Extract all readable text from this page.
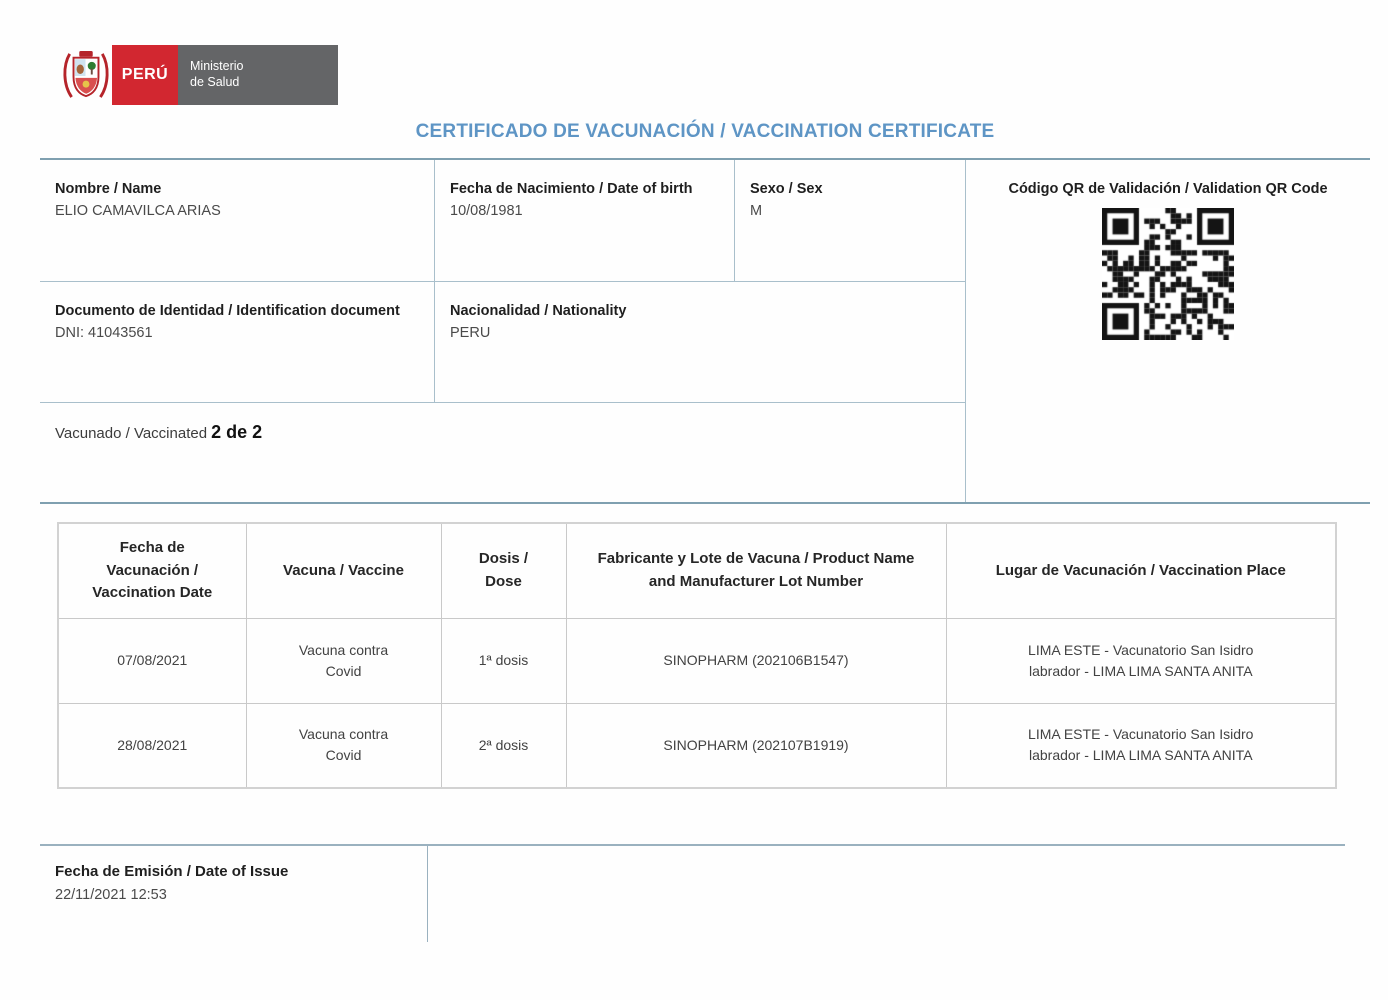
PERÚ	Ministerio
de Salud
CERTIFICADO DE VACUNACIÓN / VACCINATION CERTIFICATE
Nombre / Name
ELIO CAMAVILCA ARIAS
Fecha de Nacimiento / Date of birth
10/08/1981
Sexo / Sex
M
Código QR de Validación / Validation QR Code
Documento de Identidad / Identification document
DNI: 41043561
Nacionalidad / Nationality
PERU
Vacunado / Vaccinated 2 de 2
Fecha de Vacunación / Vaccination Date	Vacuna / Vaccine	Dosis / Dose	Fabricante y Lote de Vacuna / Product Name and Manufacturer Lot Number	Lugar de Vacunación / Vaccination Place
07/08/2021	Vacuna contra Covid	1ª dosis	SINOPHARM (202106B1547)	LIMA ESTE - Vacunatorio San Isidro labrador - LIMA LIMA SANTA ANITA
28/08/2021	Vacuna contra Covid	2ª dosis	SINOPHARM (202107B1919)	LIMA ESTE - Vacunatorio San Isidro labrador - LIMA LIMA SANTA ANITA
Fecha de Emisión / Date of Issue
22/11/2021 12:53
